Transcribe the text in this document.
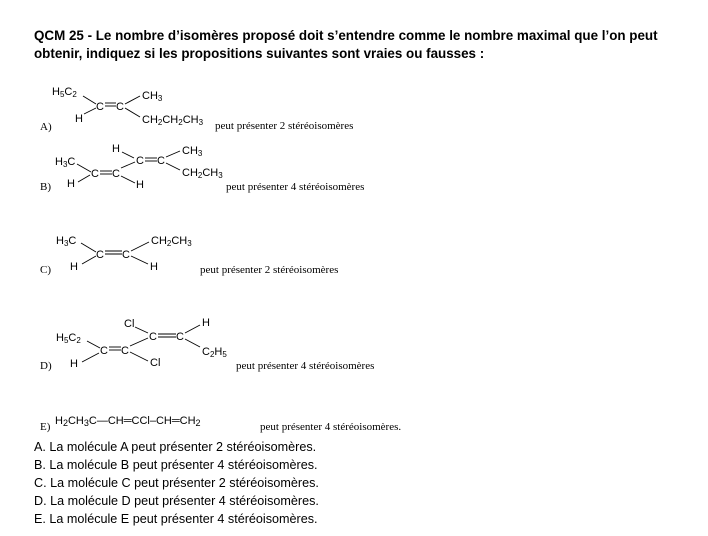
QCM 25 - Le nombre d’isomères proposé doit s’entendre comme le nombre maximal que l’on peut
obtenir, indiquez si les propositions suivantes sont vraies ou fausses :
H5C2
C C
CH3
H	CH2CH2CH3
A)	peut présenter 2 stéréoisomères
H3C
C C
H	H
C
H
C
CH3
CH2CH3
B)	peut présenter 4 stéréoisomères
H3C
C C
H
CH2CH3
H
C)	peut présenter 2 stéréoisomères
H5C2
C C
H	Cl
C
Cl
C
H
C2H5
D)	peut présenter 4 stéréoisomères
E) H2CH3C—CH═CCl–CH═CH2	peut présenter 4 stéréoisomères.
A. La molécule A peut présenter 2 stéréoisomères.
B. La molécule B peut présenter 4 stéréoisomères.
C. La molécule C peut présenter 2 stéréoisomères.
D. La molécule D peut présenter 4 stéréoisomères.
E. La molécule E peut présenter 4 stéréoisomères.
